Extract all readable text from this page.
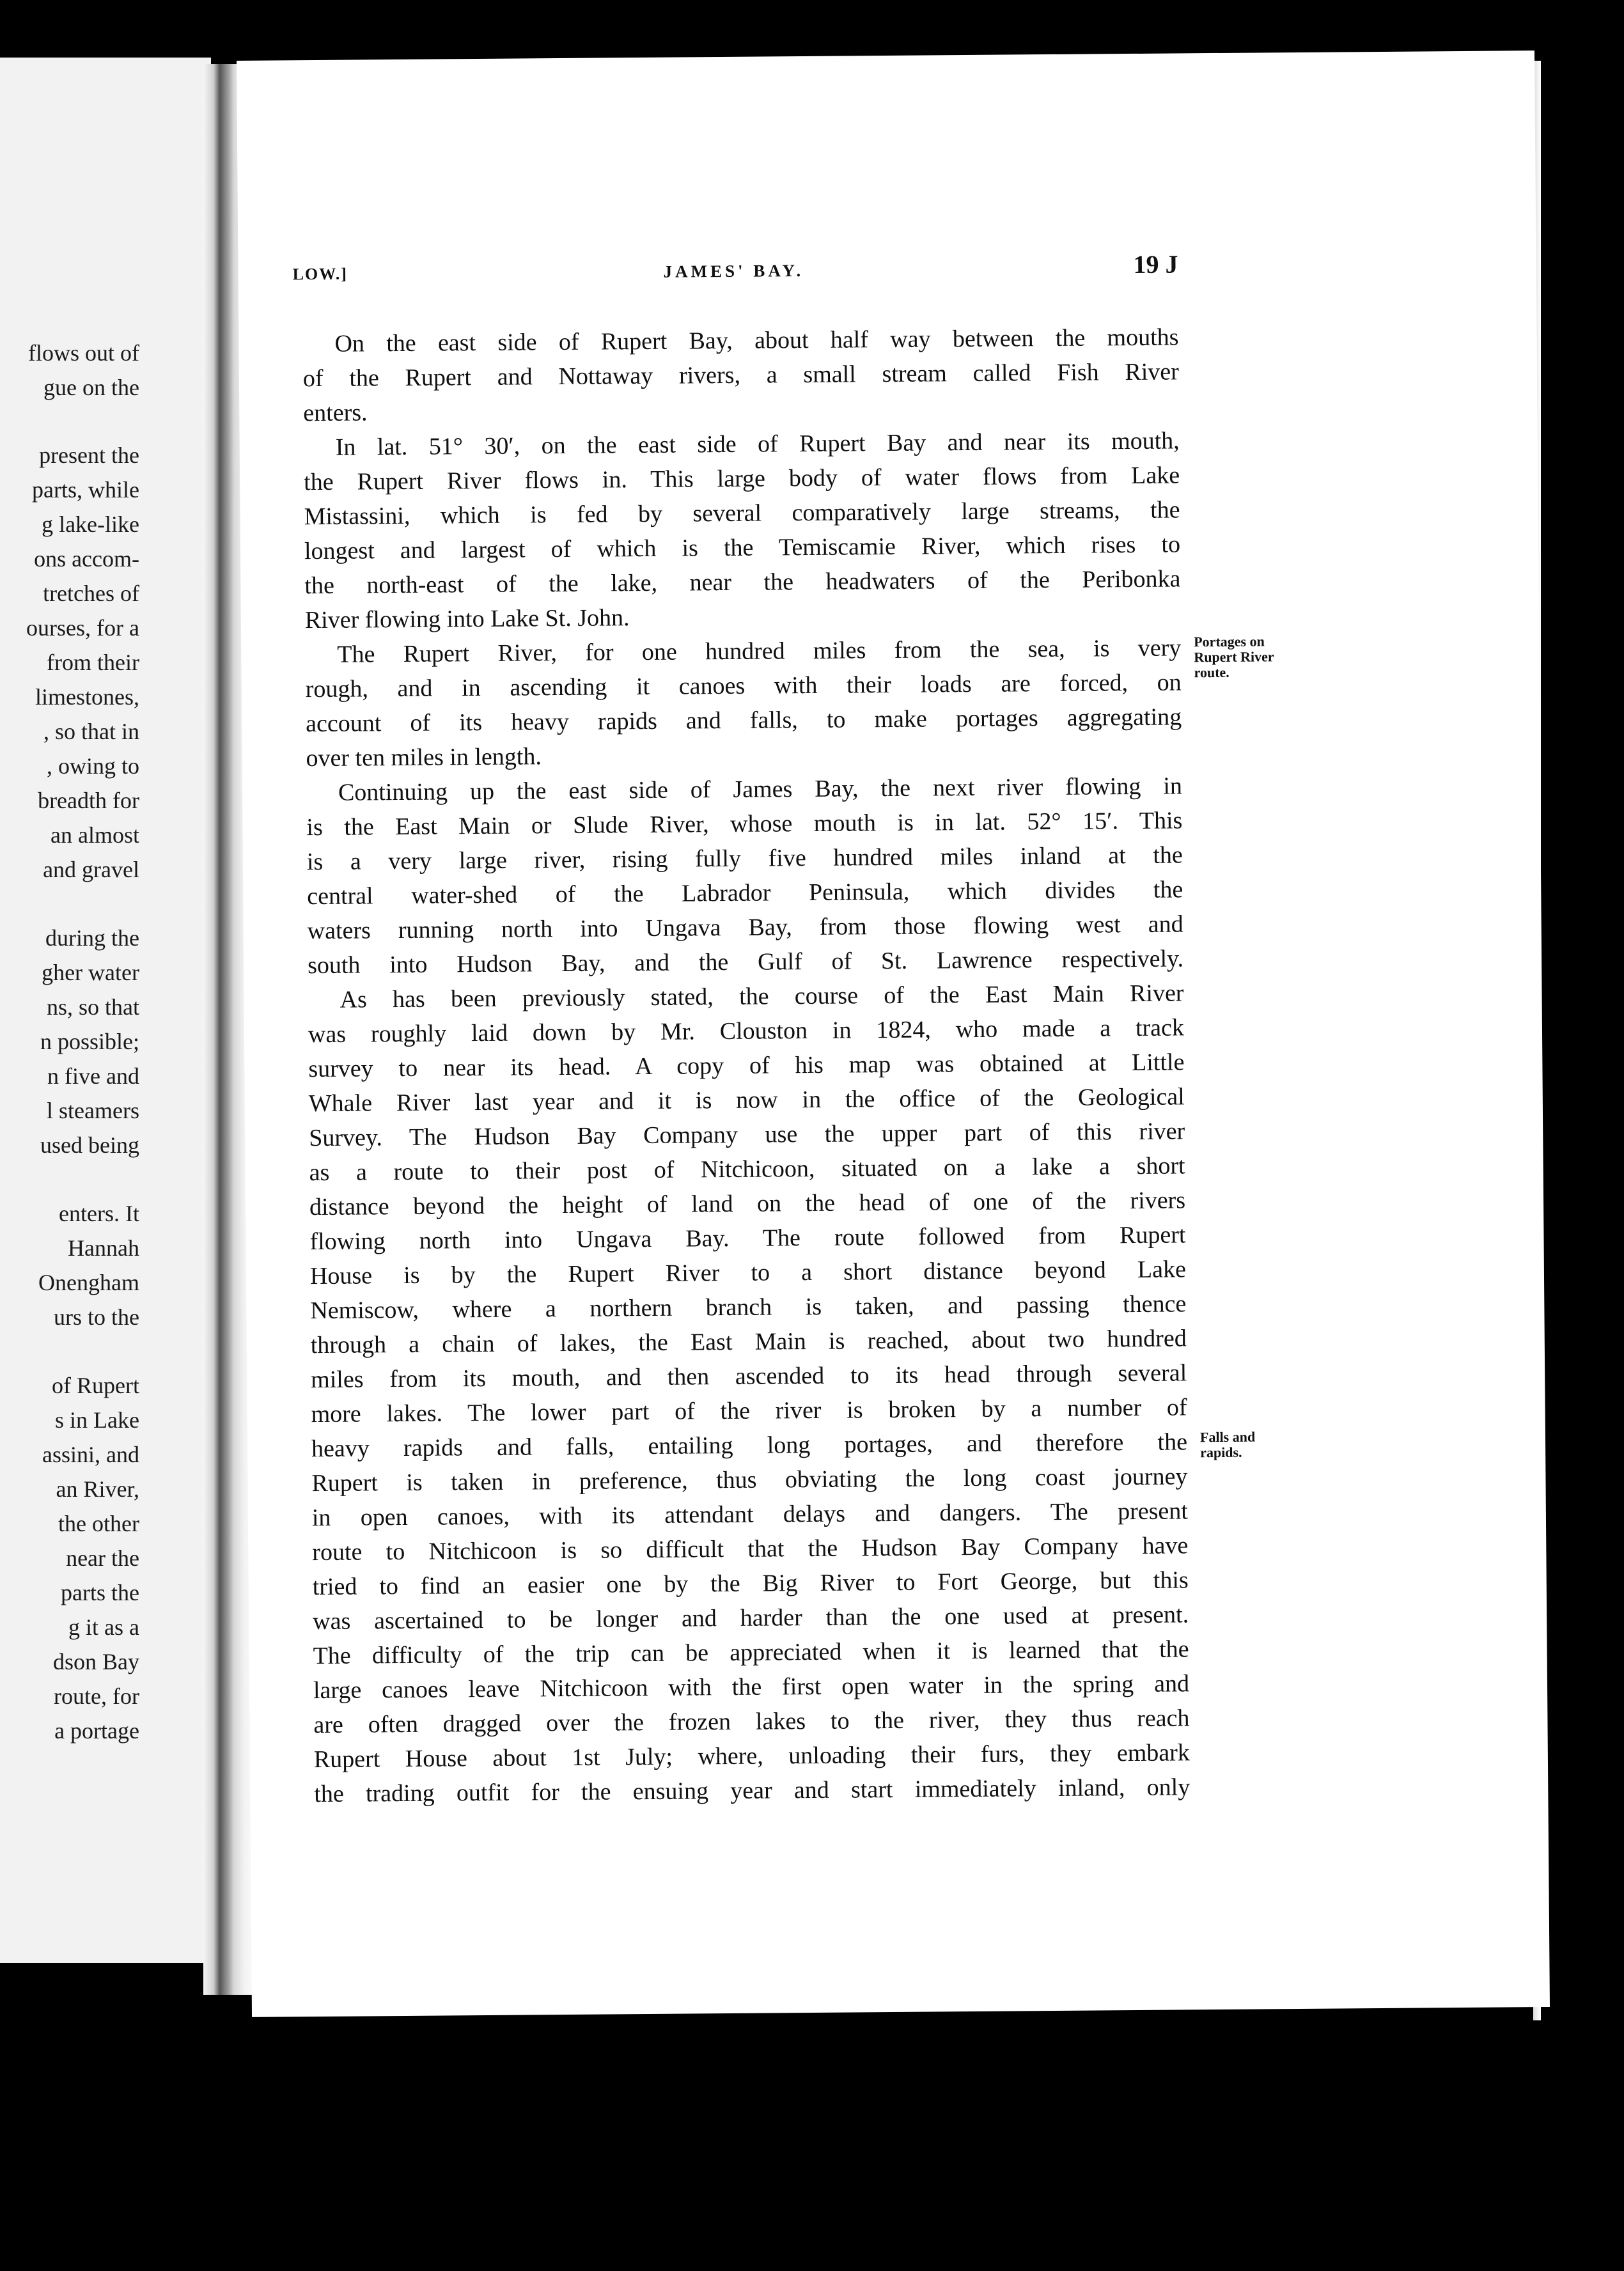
flows out of
gue on the
present the
parts, while
g lake-like
ons accom-
tretches of
ourses, for a
from their
limestones,
, so that in
, owing to
breadth for
an almost
and gravel
during the
gher water
ns, so that
n possible;
n five and
l steamers
used being
enters. It
Hannah
Onengham
urs to the
of Rupert
s in Lake
assini, and
an River,
the other
near the
parts the
g it as a
dson Bay
route, for
a portage
LOW.]	JAMES' BAY.	19 J
On the east side of Rupert Bay, about half way between the mouths
of the Rupert and Nottaway rivers, a small stream called Fish River
enters.
In lat. 51° 30′, on the east side of Rupert Bay and near its mouth,
the Rupert River flows in. This large body of water flows from Lake
Mistassini, which is fed by several comparatively large streams, the
longest and largest of which is the Temiscamie River, which rises to
the north-east of the lake, near the headwaters of the Peribonka
River flowing into Lake St. John.
The Rupert River, for one hundred miles from the sea, is very
rough, and in ascending it canoes with their loads are forced, on
account of its heavy rapids and falls, to make portages aggregating
over ten miles in length.
Continuing up the east side of James Bay, the next river flowing in
is the East Main or Slude River, whose mouth is in lat. 52° 15′. This
is a very large river, rising fully five hundred miles inland at the
central water-shed of the Labrador Peninsula, which divides the
waters running north into Ungava Bay, from those flowing west and
south into Hudson Bay, and the Gulf of St. Lawrence respectively.
As has been previously stated, the course of the East Main River
was roughly laid down by Mr. Clouston in 1824, who made a track
survey to near its head. A copy of his map was obtained at Little
Whale River last year and it is now in the office of the Geological
Survey. The Hudson Bay Company use the upper part of this river
as a route to their post of Nitchicoon, situated on a lake a short
distance beyond the height of land on the head of one of the rivers
flowing north into Ungava Bay. The route followed from Rupert
House is by the Rupert River to a short distance beyond Lake
Nemiscow, where a northern branch is taken, and passing thence
through a chain of lakes, the East Main is reached, about two hundred
miles from its mouth, and then ascended to its head through several
more lakes. The lower part of the river is broken by a number of
heavy rapids and falls, entailing long portages, and therefore the
Rupert is taken in preference, thus obviating the long coast journey
in open canoes, with its attendant delays and dangers. The present
route to Nitchicoon is so difficult that the Hudson Bay Company have
tried to find an easier one by the Big River to Fort George, but this
was ascertained to be longer and harder than the one used at present.
The difficulty of the trip can be appreciated when it is learned that the
large canoes leave Nitchicoon with the first open water in the spring and
are often dragged over the frozen lakes to the river, they thus reach
Rupert House about 1st July; where, unloading their furs, they embark
the trading outfit for the ensuing year and start immediately inland, only
Portages on
Rupert River
route.
Falls and
rapids.
